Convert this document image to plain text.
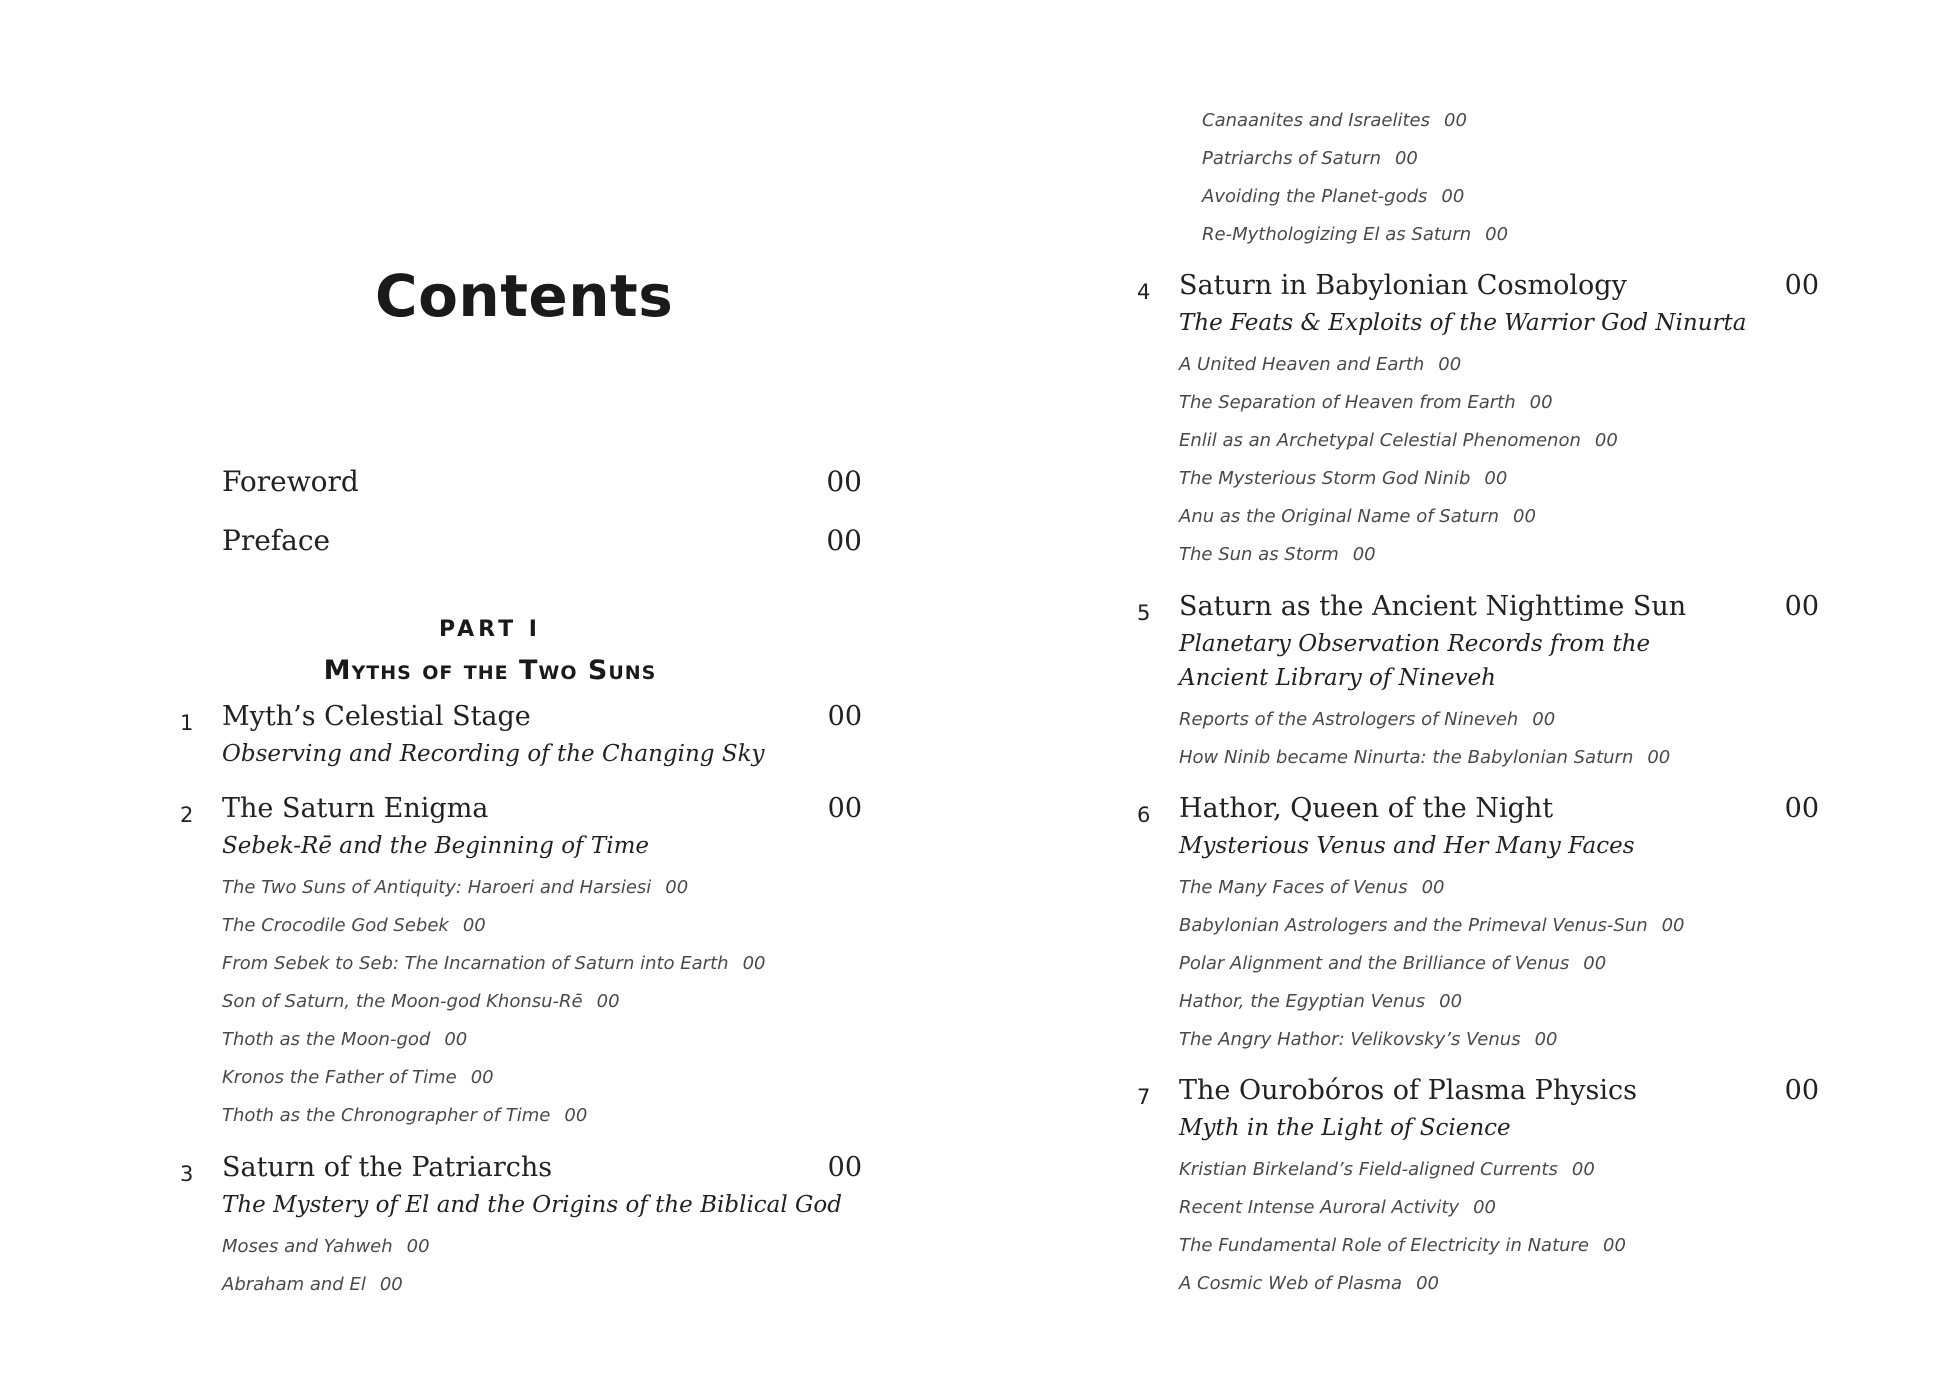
Contents
Foreword	00
Preface	00
PART I
Myths of the Two Suns
1 Myth’s Celestial Stage	00
Observing and Recording of the Changing Sky
2 The Saturn Enigma	00
Sebek-Rē and the Beginning of Time
The Two Suns of Antiquity: Haroeri and Harsiesi 00
The Crocodile God Sebek 00
From Sebek to Seb: The Incarnation of Saturn into Earth 00
Son of Saturn, the Moon-god Khonsu-Rē 00
Thoth as the Moon-god 00
Kronos the Father of Time 00
Thoth as the Chronographer of Time 00
3 Saturn of the Patriarchs	00
The Mystery of El and the Origins of the Biblical God
Moses and Yahweh 00
Abraham and El 00
Canaanites and Israelites 00
Patriarchs of Saturn 00
Avoiding the Planet-gods 00
Re-Mythologizing El as Saturn 00
4 Saturn in Babylonian Cosmology	00
The Feats & Exploits of the Warrior God Ninurta
A United Heaven and Earth 00
The Separation of Heaven from Earth 00
Enlil as an Archetypal Celestial Phenomenon 00
The Mysterious Storm God Ninib 00
Anu as the Original Name of Saturn 00
The Sun as Storm 00
5 Saturn as the Ancient Nighttime Sun	00
Planetary Observation Records from the
Ancient Library of Nineveh
Reports of the Astrologers of Nineveh 00
How Ninib became Ninurta: the Babylonian Saturn 00
6 Hathor, Queen of the Night	00
Mysterious Venus and Her Many Faces
The Many Faces of Venus 00
Babylonian Astrologers and the Primeval Venus-Sun 00
Polar Alignment and the Brilliance of Venus 00
Hathor, the Egyptian Venus 00
The Angry Hathor: Velikovsky’s Venus 00
7 The Ourobóros of Plasma Physics	00
Myth in the Light of Science
Kristian Birkeland’s Field-aligned Currents 00
Recent Intense Auroral Activity 00
The Fundamental Role of Electricity in Nature 00
A Cosmic Web of Plasma 00
